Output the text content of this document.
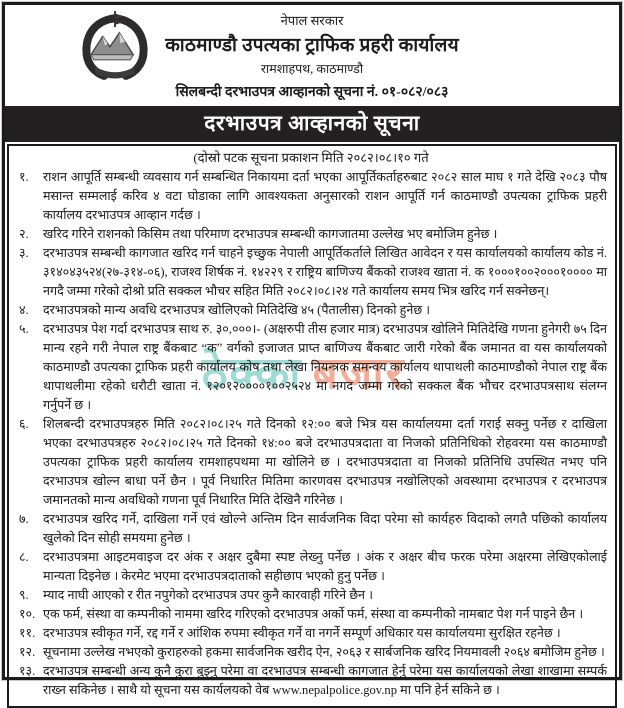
नेपाल सरकार
काठमाण्डौ उपत्यका ट्राफिक प्रहरी कार्यालय
रामशाहपथ, काठमाण्डौ
सिलबन्दी दरभाउपत्र आव्हानको सूचना नं. ०१-०८२/०८३
दरभाउपत्र आव्हानको सूचना
(दोस्रो पटक सूचना प्रकाशन मिति २०८२।०८।१० गते
१.	राशन आपूर्ति सम्बन्धी व्यवसाय गर्न सम्बन्धित निकायमा दर्ता भएका आपूर्तिकर्ताहरुबाट २०८२ साल माघ १ गते देखि २०८३ पौष मसान्त सम्मलाई करिव ४ वटा घोडाका लागि आवश्यकता अनुसारको राशन आपूर्ति गर्न काठमाण्डौ उपत्यका ट्राफिक प्रहरी कार्यालय दरभाउपत्र आव्हान गर्दछ ।
२.	खरिद गरिने राशनको किसिम तथा परिमाण दरभाउपत्र सम्बन्धी कागजातमा उल्लेख भए बमोजिम हुनेछ ।
३.	दरभाउपत्र सम्बन्धी कागजात खरिद गर्न चाहने इच्छुक नेपाली आपूर्तिकर्ताले लिखित आवेदन र यस कार्यालयको कार्यालय कोड नं. ३१४०४३५२४(२७-३१४-०६), राजश्व शिर्षक नं. १४२२९ र राष्ट्रिय बाणिज्य बैंकको राजश्व खाता नं. क १०००१००२०००१०००० मा नगदै जम्मा गरेको दोश्रो प्रति सक्कल भौचर सहित मिति २०८२।०८।२४ गते कार्यालय समय भित्र खरिद गर्न सक्नेछन्।
४.	दरभाउपत्रको मान्य अवधि दरभाउपत्र खोलिएको मितिदेखि ४५ (पैतालीस) दिनको हुनेछ ।
५.	दरभाउपत्र पेश गर्दा दरभाउपत्र साथ रु. ३०,०००।- (अक्षरुपी तीस हजार मात्र) दरभाउपत्र खोलिने मितिदेखि गणना हुनेगरी ७५ दिन मान्य रहने गरी नेपाल राष्ट्र बैंकबाट “क” वर्गको इजाजत प्राप्त बाणिज्य बैंकबाट जारी गरेको बैंक जमानत वा यस कार्यालयको काठमाण्डौ उपत्यका ट्राफिक प्रहरी कार्यालय कोष तथा लेखा नियन्त्रक समन्वय कार्यालय थापाथली काठमाण्डौको नेपाल राष्ट्र बैंक थापाथलीमा रहेको धरौटी खाता नं. १२०१२००००१००२५२४ मा नगद जम्मा गरेको सक्कल बैंक भौचर दरभाउपत्रसाथ संलग्न गर्नुपर्ने छ ।
६.	शिलबन्दी दरभाउपत्रहरु मिति २०८२।०८।२५ गते दिनको १२:०० बजे भित्र यस कार्यालयमा दर्ता गराई सक्नु पर्नेछ र दाखिला भएका दरभाउपत्रहरु २०८२।०८।२५ गते दिनको १४:०० बजे दरभाउपत्रदाता वा निजको प्रतिनिधिको रोहवरमा यस काठमाण्डौ उपत्यका ट्राफिक प्रहरी कार्यालय रामशाहपथमा मा खोलिने छ । दरभाउपत्रदाता वा निजको प्रतिनिधि उपस्थित नभए पनि दरभाउपत्र खोल्न बाधा पर्ने छैन । पूर्व निधारित मितिमा कारणवस दरभाउपत्र नखोलिएको अवस्थामा दरभाउपत्र र दरभाउपत्र जमानतको मान्य अवधिको गणना पूर्व निधारित मिति देखिनै गरिनेछ ।
७.	दरभाउपत्र खरिद गर्ने, दाखिला गर्ने एवं खोल्ने अन्तिम दिन सार्वजनिक विदा परेमा सो कार्यहरु विदाको लगतै पछिको कार्यालय खुलेको दिन सोही समयमा हुनेछ ।
८.	दरभाउपत्रमा आइटमवाइज दर अंक र अक्षर दुबैमा स्पष्ट लेख्नु पर्नेछ । अंक र अक्षर बीच फरक परेमा अक्षरमा लेखिएकोलाई मान्यता दिइनेछ । केरमेट भएमा दरभाउपत्रदाताको सहीछाप भएको हुनु पर्नेछ ।
९.	म्याद नाघी आएको र रीत नपुगेको दरभाउपत्र उपर कुनै कारवाही गरिने छैन ।
१०. एक फर्म, संस्था वा कम्पनीको नाममा खरिद गरिएको दरभाउपत्र अर्को फर्म, संस्था वा कम्पनीको नामबाट पेश गर्न पाइने छैन ।
११. दरभाउपत्र स्वीकृत गर्ने, रद्द गर्ने र आंशिक रुपमा स्वीकृत गर्ने वा नगर्ने सम्पूर्ण अधिकार यस कार्यालयमा सुरक्षित रहनेछ ।
१२. सूचनामा उल्लेख नभएको कुराहरुको हकमा सार्वजनिक खरीद ऐन, २०६३ र सार्बजनिक खरिद नियमावली २०६४ बमोजिम हुनेछ ।
१३. दरभाउपत्र सम्बन्धी अन्य कुनै कुरा बुझ्नु परेमा वा दरभाउपत्र सम्बन्धी कागजात हेर्नु परेमा यस कार्यालयको लेखा शाखामा सम्पर्क राख्न सकिनेछ । साथै यो सूचना यस कार्यलयको वेब www.nepalpolice.gov.np मा पनि हेर्न सकिने छ ।
ठेक्का बजार
